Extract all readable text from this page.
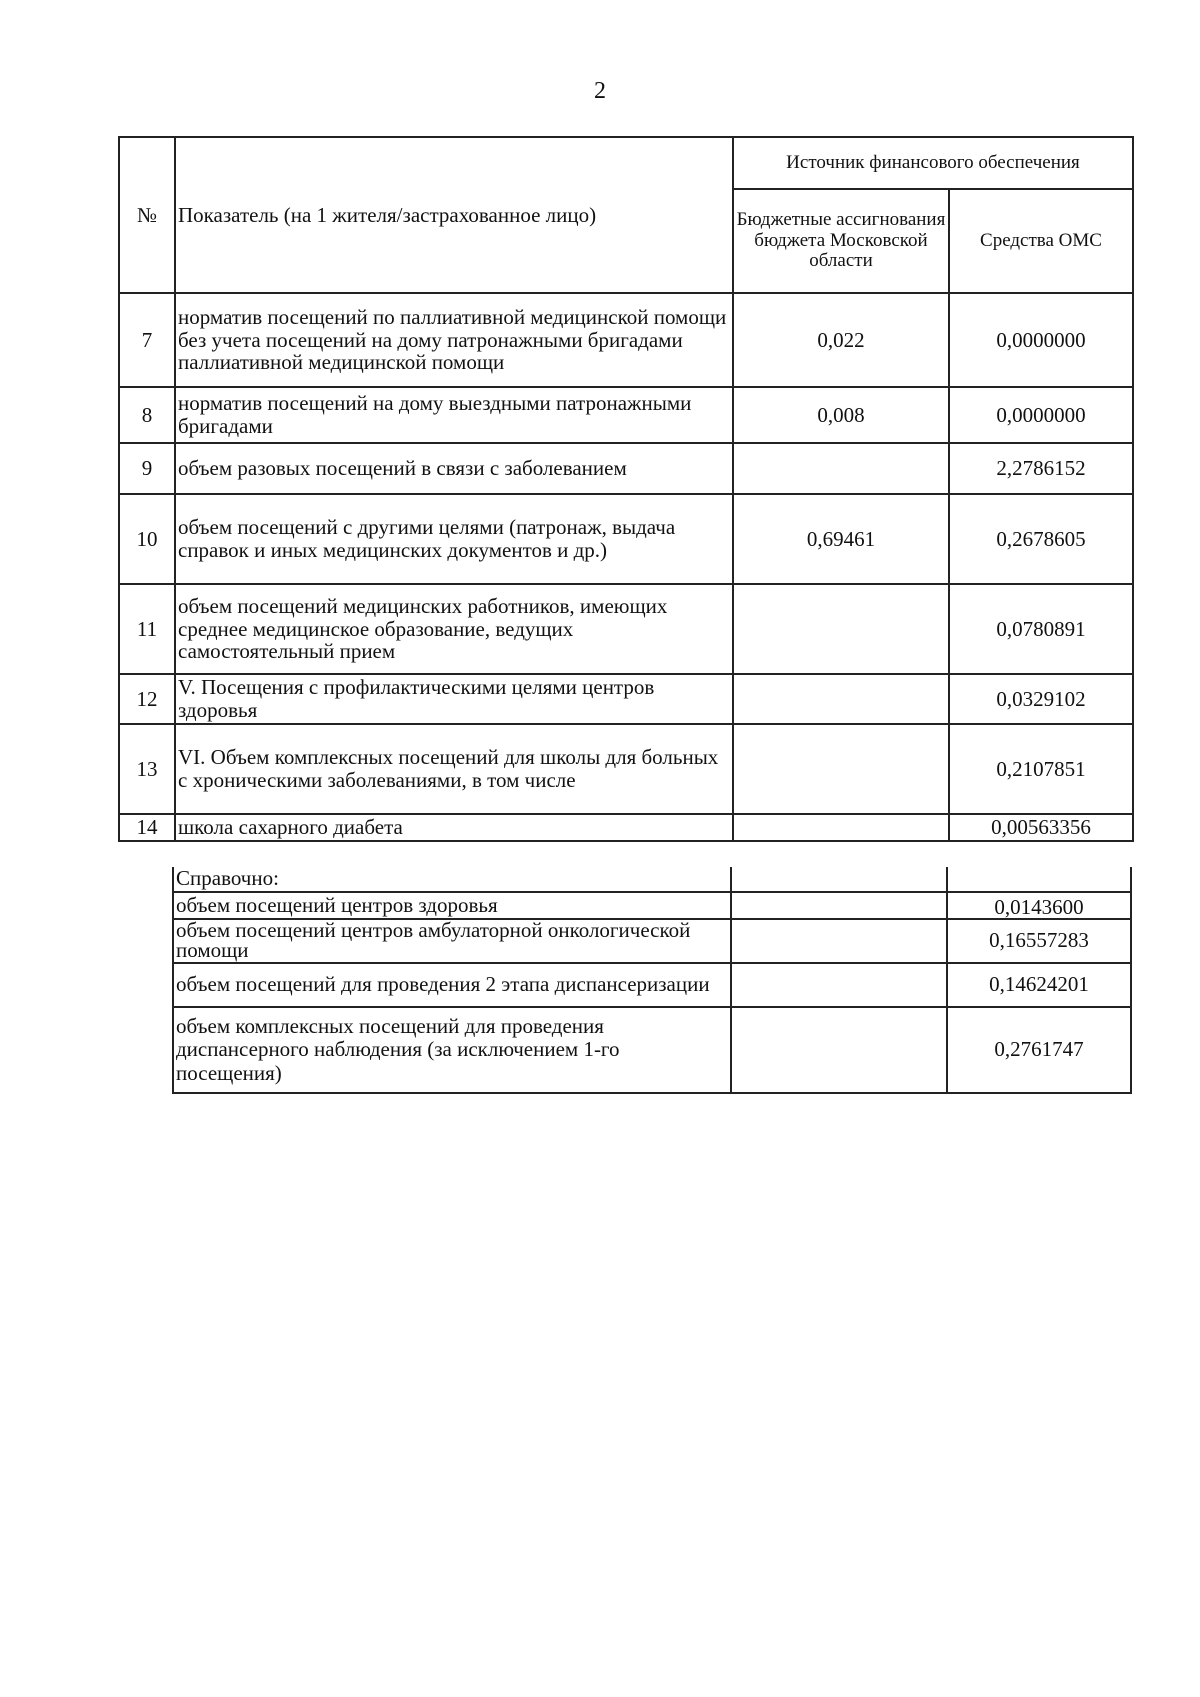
2
№	Показатель (на 1 жителя/застрахованное лицо)	Источник финансового обеспечения	
		Бюджетные ассигнования бюджета Московской области	Средства ОМС
7	норматив посещений по паллиативной медицинской помощи без учета посещений на дому патронажными бригадами паллиативной медицинской помощи	0,022	0,0000000
8	норматив посещений на дому выездными патронажными бригадами	0,008	0,0000000
9	объем разовых посещений в связи с заболеванием		2,2786152
10	объем посещений с другими целями (патронаж, выдача справок и иных медицинских документов и др.)	0,69461	0,2678605
11	объем посещений медицинских работников, имеющих среднее медицинское образование, ведущих самостоятельный прием		0,0780891
12	V. Посещения с профилактическими целями центров здоровья		0,0329102
13	VI. Объем комплексных посещений для школы для больных с хроническими заболеваниями, в том числе		0,2107851
14	школа сахарного диабета		0,00563356
Справочно:		
объем посещений центров здоровья		0,0143600
объем посещений центров амбулаторной онкологической помощи		0,16557283
объем посещений для проведения 2 этапа диспансеризации		0,14624201
объем комплексных посещений для проведения диспансерного наблюдения (за исключением 1-го посещения)		0,2761747
